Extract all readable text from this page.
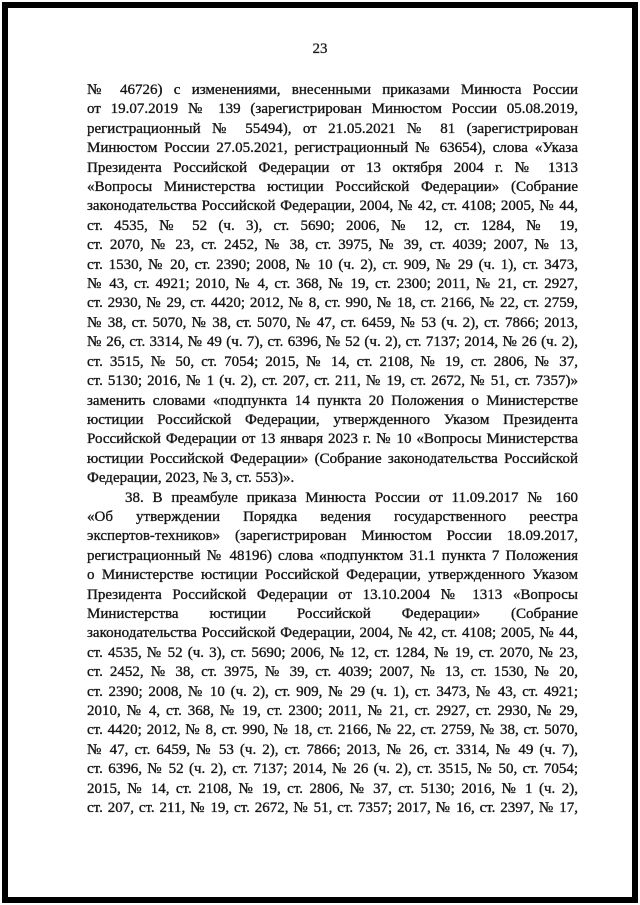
23
№ 46726) с изменениями, внесенными приказами Минюста России
от 19.07.2019 № 139 (зарегистрирован Минюстом России 05.08.2019,
регистрационный № 55494), от 21.05.2021 № 81 (зарегистрирован
Минюстом России 27.05.2021, регистрационный № 63654), слова «Указа
Президента Российской Федерации от 13 октября 2004 г. № 1313
«Вопросы Министерства юстиции Российской Федерации» (Собрание
законодательства Российской Федерации, 2004, № 42, ст. 4108; 2005, № 44,
ст. 4535, № 52 (ч. 3), ст. 5690; 2006, № 12, ст. 1284, № 19,
ст. 2070, № 23, ст. 2452, № 38, ст. 3975, № 39, ст. 4039; 2007, № 13,
ст. 1530, № 20, ст. 2390; 2008, № 10 (ч. 2), ст. 909, № 29 (ч. 1), ст. 3473,
№ 43, ст. 4921; 2010, № 4, ст. 368, № 19, ст. 2300; 2011, № 21, ст. 2927,
ст. 2930, № 29, ст. 4420; 2012, № 8, ст. 990, № 18, ст. 2166, № 22, ст. 2759,
№ 38, ст. 5070, № 38, ст. 5070, № 47, ст. 6459, № 53 (ч. 2), ст. 7866; 2013,
№ 26, ст. 3314, № 49 (ч. 7), ст. 6396, № 52 (ч. 2), ст. 7137; 2014, № 26 (ч. 2),
ст. 3515, № 50, ст. 7054; 2015, № 14, ст. 2108, № 19, ст. 2806, № 37,
ст. 5130; 2016, № 1 (ч. 2), ст. 207, ст. 211, № 19, ст. 2672, № 51, ст. 7357)»
заменить словами «подпункта 14 пункта 20 Положения о Министерстве
юстиции Российской Федерации, утвержденного Указом Президента
Российской Федерации от 13 января 2023 г. № 10 «Вопросы Министерства
юстиции Российской Федерации» (Собрание законодательства Российской
Федерации, 2023, № 3, ст. 553)».
38. В преамбуле приказа Минюста России от 11.09.2017 № 160
«Об утверждении Порядка ведения государственного реестра
экспертов-техников» (зарегистрирован Минюстом России 18.09.2017,
регистрационный № 48196) слова «подпунктом 31.1 пункта 7 Положения
о Министерстве юстиции Российской Федерации, утвержденного Указом
Президента Российской Федерации от 13.10.2004 № 1313 «Вопросы
Министерства юстиции Российской Федерации» (Собрание
законодательства Российской Федерации, 2004, № 42, ст. 4108; 2005, № 44,
ст. 4535, № 52 (ч. 3), ст. 5690; 2006, № 12, ст. 1284, № 19, ст. 2070, № 23,
ст. 2452, № 38, ст. 3975, № 39, ст. 4039; 2007, № 13, ст. 1530, № 20,
ст. 2390; 2008, № 10 (ч. 2), ст. 909, № 29 (ч. 1), ст. 3473, № 43, ст. 4921;
2010, № 4, ст. 368, № 19, ст. 2300; 2011, № 21, ст. 2927, ст. 2930, № 29,
ст. 4420; 2012, № 8, ст. 990, № 18, ст. 2166, № 22, ст. 2759, № 38, ст. 5070,
№ 47, ст. 6459, № 53 (ч. 2), ст. 7866; 2013, № 26, ст. 3314, № 49 (ч. 7),
ст. 6396, № 52 (ч. 2), ст. 7137; 2014, № 26 (ч. 2), ст. 3515, № 50, ст. 7054;
2015, № 14, ст. 2108, № 19, ст. 2806, № 37, ст. 5130; 2016, № 1 (ч. 2),
ст. 207, ст. 211, № 19, ст. 2672, № 51, ст. 7357; 2017, № 16, ст. 2397, № 17,
